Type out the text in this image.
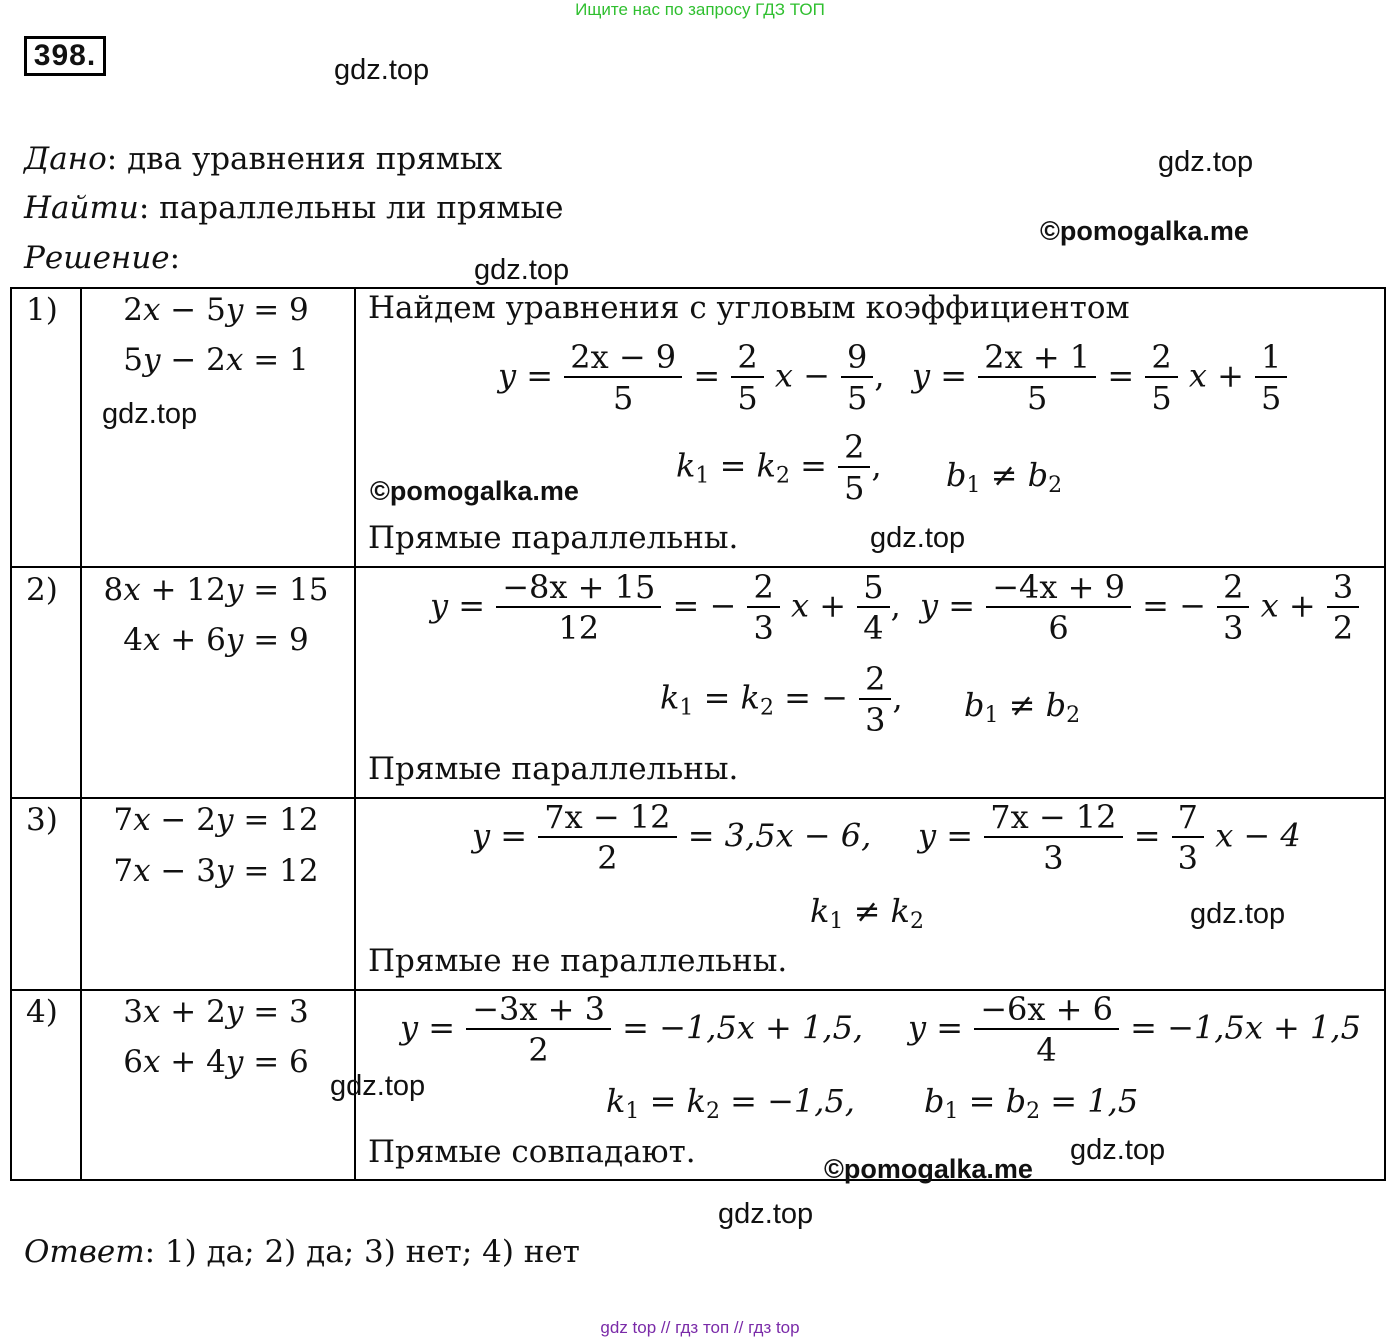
Ищите нас по запросу ГДЗ ТОП
398.	gdz.top
gdz.top
©pomogalka.me
gdz.top
Дано: два уравнения прямых
Найти: параллельны ли прямые
Решение:
1)	2𝑥 − 5𝑦 = 9
5𝑦 − 2𝑥 = 1
Найдем уравнения с угловым коэффициентом
$y = \frac{2x - 9}{5} = \frac{2}{5}$ $x - \frac{9}{5}$ , $y = \frac{2x + 1}{5} = \frac{2}{5}$ $x + \frac{1}{5}$
$k_1 = k_2 = \frac{2}{5}$ , $b_1 \ne b_2$
Прямые параллельны.
gdz.top
©pomogalka.me
gdz.top
2)	8𝑥 + 12𝑦 = 15
4𝑥 + 6𝑦 = 9
$y = \frac{-8x + 15}{12}$ = − $\frac{2}{3}$ $x + \frac{5}{4}$ , $y = \frac{-4x + 9}{6}$ = − $\frac{2}{3}$ $x + \frac{3}{2}$
$k_1 = k_2$ = − $\frac{2}{3}$ , $b_1 \ne b_2$
Прямые параллельны.
3)	7𝑥 − 2𝑦 = 12
7𝑥 − 3𝑦 = 12
$y = \frac{7x - 12}{2} = 3,5x - 6$, $y = \frac{7x - 12}{3} = \frac{7}{3}$ x − 4
$k_1 \ne k_2$
Прямые не параллельны.
gdz.top
4)	3𝑥 + 2𝑦 = 3
6𝑥 + 4𝑦 = 6
$y = \frac{-3x + 3}{2} = -1,5x + 1,5$, $y = \frac{-6x + 6}{4} = -1,5x + 1,5$
$k_1 = k_2 = -1,5$, $b_1 = b_2 = 1,5$
Прямые совпадают.
gdz.top
gdz.top
©pomogalka.me
gdz.top
Ответ: 1) да; 2) да; 3) нет; 4) нет
gdz top // гдз топ // гдз top
